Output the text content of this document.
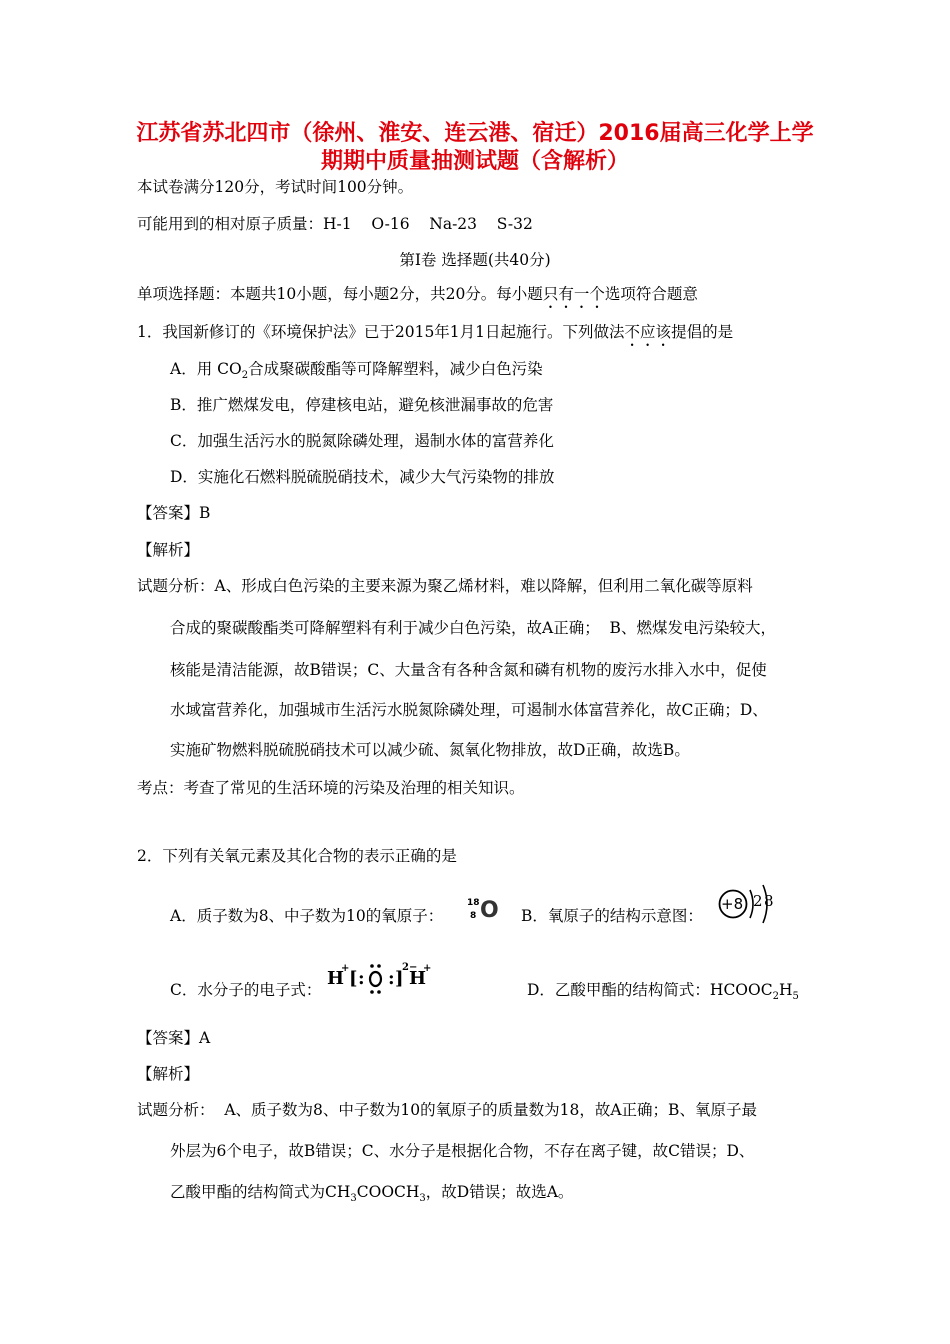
江苏省苏北四市（徐州、淮安、连云港、宿迁）2016届高三化学上学
期期中质量抽测试题（含解析）
本试卷满分120分，考试时间100分钟。
可能用到的相对原子质量：H-1    O-16    Na-23    S-32
第Ⅰ卷 选择题(共40分)
单项选择题：本题共10小题，每小题2分，共20分。每小题只有一个选项符合题意
1．我国新修订的《环境保护法》已于2015年1月1日起施行。下列做法不应该提倡的是
A．用 $CO_2$合成聚碳酸酯等可降解塑料，减少白色污染
B．推广燃煤发电，停建核电站，避免核泄漏事故的危害
C．加强生活污水的脱氮除磷处理，遏制水体的富营养化
D．实施化石燃料脱硫脱硝技术，减少大气污染物的排放
【答案】B
【解析】
试题分析：A、形成白色污染的主要来源为聚乙烯材料，难以降解，但利用二氧化碳等原料
合成的聚碳酸酯类可降解塑料有利于减少白色污染，故A正确；  B、燃煤发电污染较大，
核能是清洁能源，故B错误；C、大量含有各种含氮和磷有机物的废污水排入水中，促使
水域富营养化，加强城市生活污水脱氮除磷处理，可遏制水体富营养化，故C正确；D、
实施矿物燃料脱硫脱硝技术可以减少硫、氮氧化物排放，故D正确，故选B。
考点：考查了常见的生活环境的污染及治理的相关知识。
2．下列有关氧元素及其化合物的表示正确的是
A．质子数为8、中子数为10的氧原子：
18
8 O B．氧原子的结构示意图：
+8 2 8
C．水分子的电子式：
H
+ [ : : ]
2−
H
+
D．乙酸甲酯的结构简式：$HCOOC_2H_5$
【答案】A
【解析】
试题分析：  A、质子数为8、中子数为10的氧原子的质量数为18，故A正确；B、氧原子最
外层为6个电子，故B错误；C、水分子是根据化合物，不存在离子键，故C错误；D、
乙酸甲酯的结构简式为$CH_3COOCH_3$，故D错误；故选A。
